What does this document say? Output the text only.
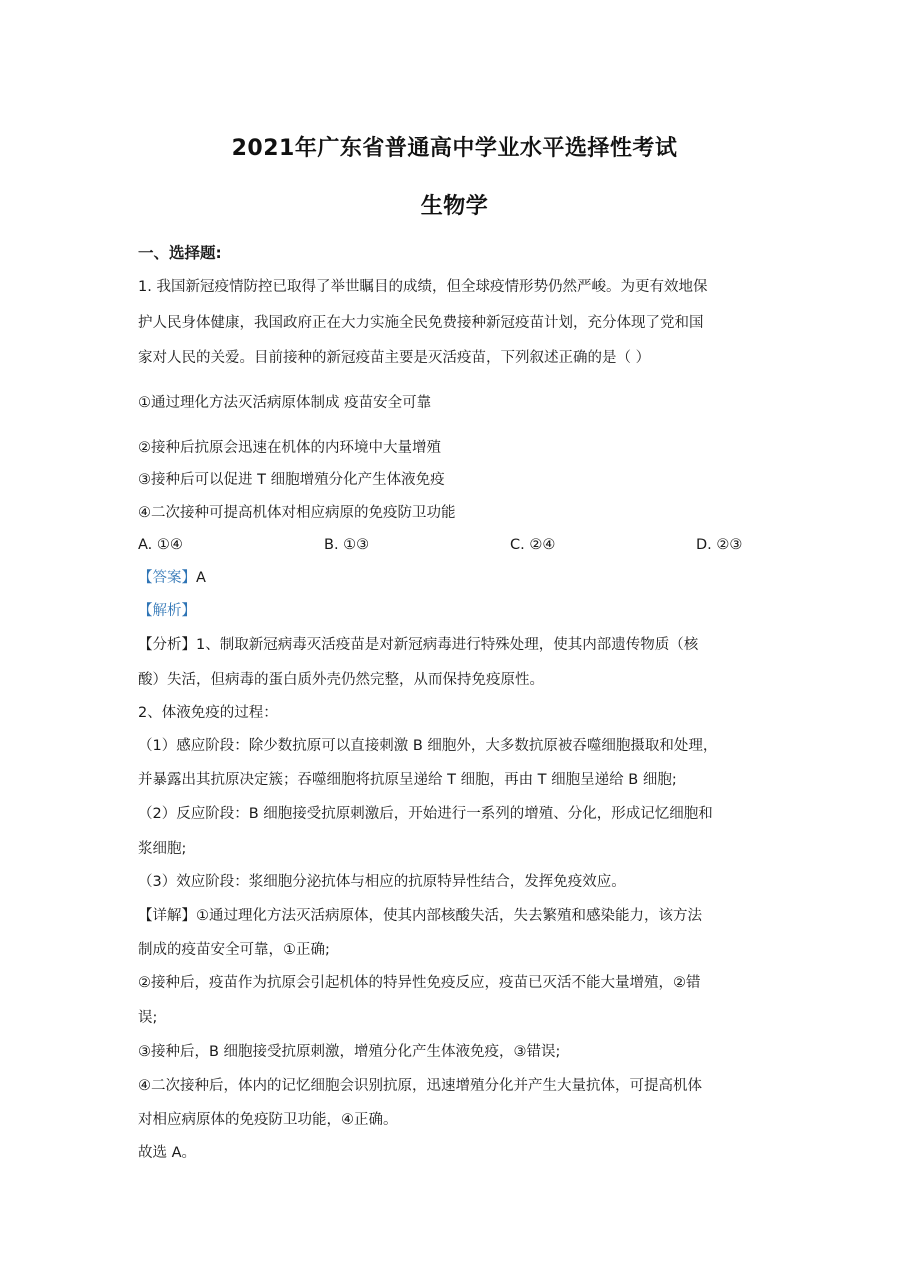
2021年广东省普通高中学业水平选择性考试
生物学
一、选择题:
1. 我国新冠疫情防控已取得了举世瞩目的成绩，但全球疫情形势仍然严峻。为更有效地保
护人民身体健康，我国政府正在大力实施全民免费接种新冠疫苗计划，充分体现了党和国
家对人民的关爱。目前接种的新冠疫苗主要是灭活疫苗，下列叙述正确的是（ ）
①通过理化方法灭活病原体制成 疫苗安全可靠
②接种后抗原会迅速在机体的内环境中大量增殖
③接种后可以促进 T 细胞增殖分化产生体液免疫
④二次接种可提高机体对相应病原的免疫防卫功能
A. ①④	B. ①③	C. ②④	D. ②③
【答案】A
【解析】
【分析】1、制取新冠病毒灭活疫苗是对新冠病毒进行特殊处理，使其内部遗传物质（核
酸）失活，但病毒的蛋白质外壳仍然完整，从而保持免疫原性。
2、体液免疫的过程：
（1）感应阶段：除少数抗原可以直接刺激 B 细胞外，大多数抗原被吞噬细胞摄取和处理，
并暴露出其抗原决定簇；吞噬细胞将抗原呈递给 T 细胞，再由 T 细胞呈递给 B 细胞;
（2）反应阶段：B 细胞接受抗原刺激后，开始进行一系列的增殖、分化，形成记忆细胞和
浆细胞;
（3）效应阶段：浆细胞分泌抗体与相应的抗原特异性结合，发挥免疫效应。
【详解】①通过理化方法灭活病原体，使其内部核酸失活，失去繁殖和感染能力，该方法
制成的疫苗安全可靠，①正确;
②接种后，疫苗作为抗原会引起机体的特异性免疫反应，疫苗已灭活不能大量增殖，②错
误;
③接种后，B 细胞接受抗原刺激，增殖分化产生体液免疫，③错误;
④二次接种后，体内的记忆细胞会识别抗原，迅速增殖分化并产生大量抗体，可提高机体
对相应病原体的免疫防卫功能，④正确。
故选 A。
